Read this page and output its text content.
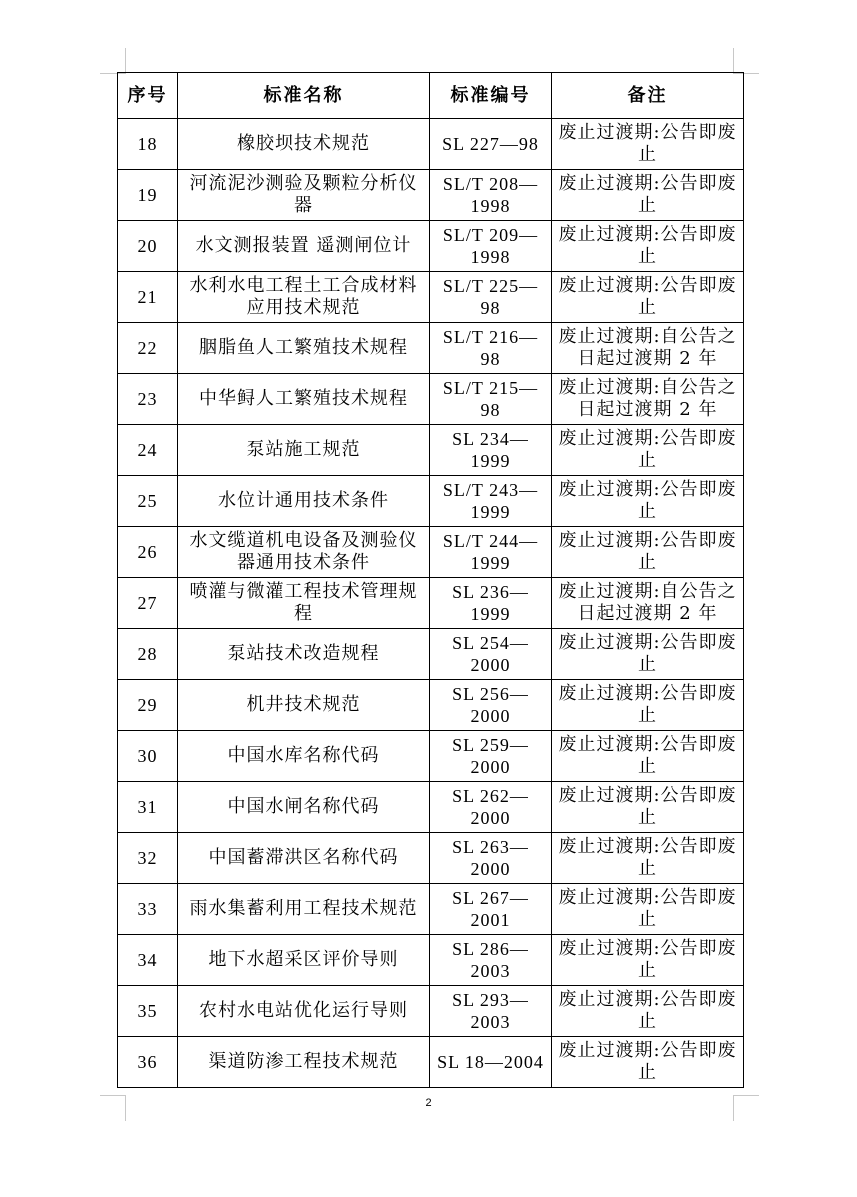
序号	标准名称	标准编号	备注
18	橡胶坝技术规范	SL 227—98	废止过渡期:公告即废止
19	河流泥沙测验及颗粒分析仪器	SL/T 208—1998	废止过渡期:公告即废止
20	水文测报装置 遥测闸位计	SL/T 209—1998	废止过渡期:公告即废止
21	水利水电工程土工合成材料应用技术规范	SL/T 225—98	废止过渡期:公告即废止
22	胭脂鱼人工繁殖技术规程	SL/T 216—98	废止过渡期:自公告之日起过渡期 2 年
23	中华鲟人工繁殖技术规程	SL/T 215—98	废止过渡期:自公告之日起过渡期 2 年
24	泵站施工规范	SL 234—1999	废止过渡期:公告即废止
25	水位计通用技术条件	SL/T 243—1999	废止过渡期:公告即废止
26	水文缆道机电设备及测验仪器通用技术条件	SL/T 244—1999	废止过渡期:公告即废止
27	喷灌与微灌工程技术管理规程	SL 236—1999	废止过渡期:自公告之日起过渡期 2 年
28	泵站技术改造规程	SL 254—2000	废止过渡期:公告即废止
29	机井技术规范	SL 256—2000	废止过渡期:公告即废止
30	中国水库名称代码	SL 259—2000	废止过渡期:公告即废止
31	中国水闸名称代码	SL 262—2000	废止过渡期:公告即废止
32	中国蓄滞洪区名称代码	SL 263—2000	废止过渡期:公告即废止
33	雨水集蓄利用工程技术规范	SL 267—2001	废止过渡期:公告即废止
34	地下水超采区评价导则	SL 286—2003	废止过渡期:公告即废止
35	农村水电站优化运行导则	SL 293—2003	废止过渡期:公告即废止
36	渠道防渗工程技术规范	SL 18—2004	废止过渡期:公告即废止
2
